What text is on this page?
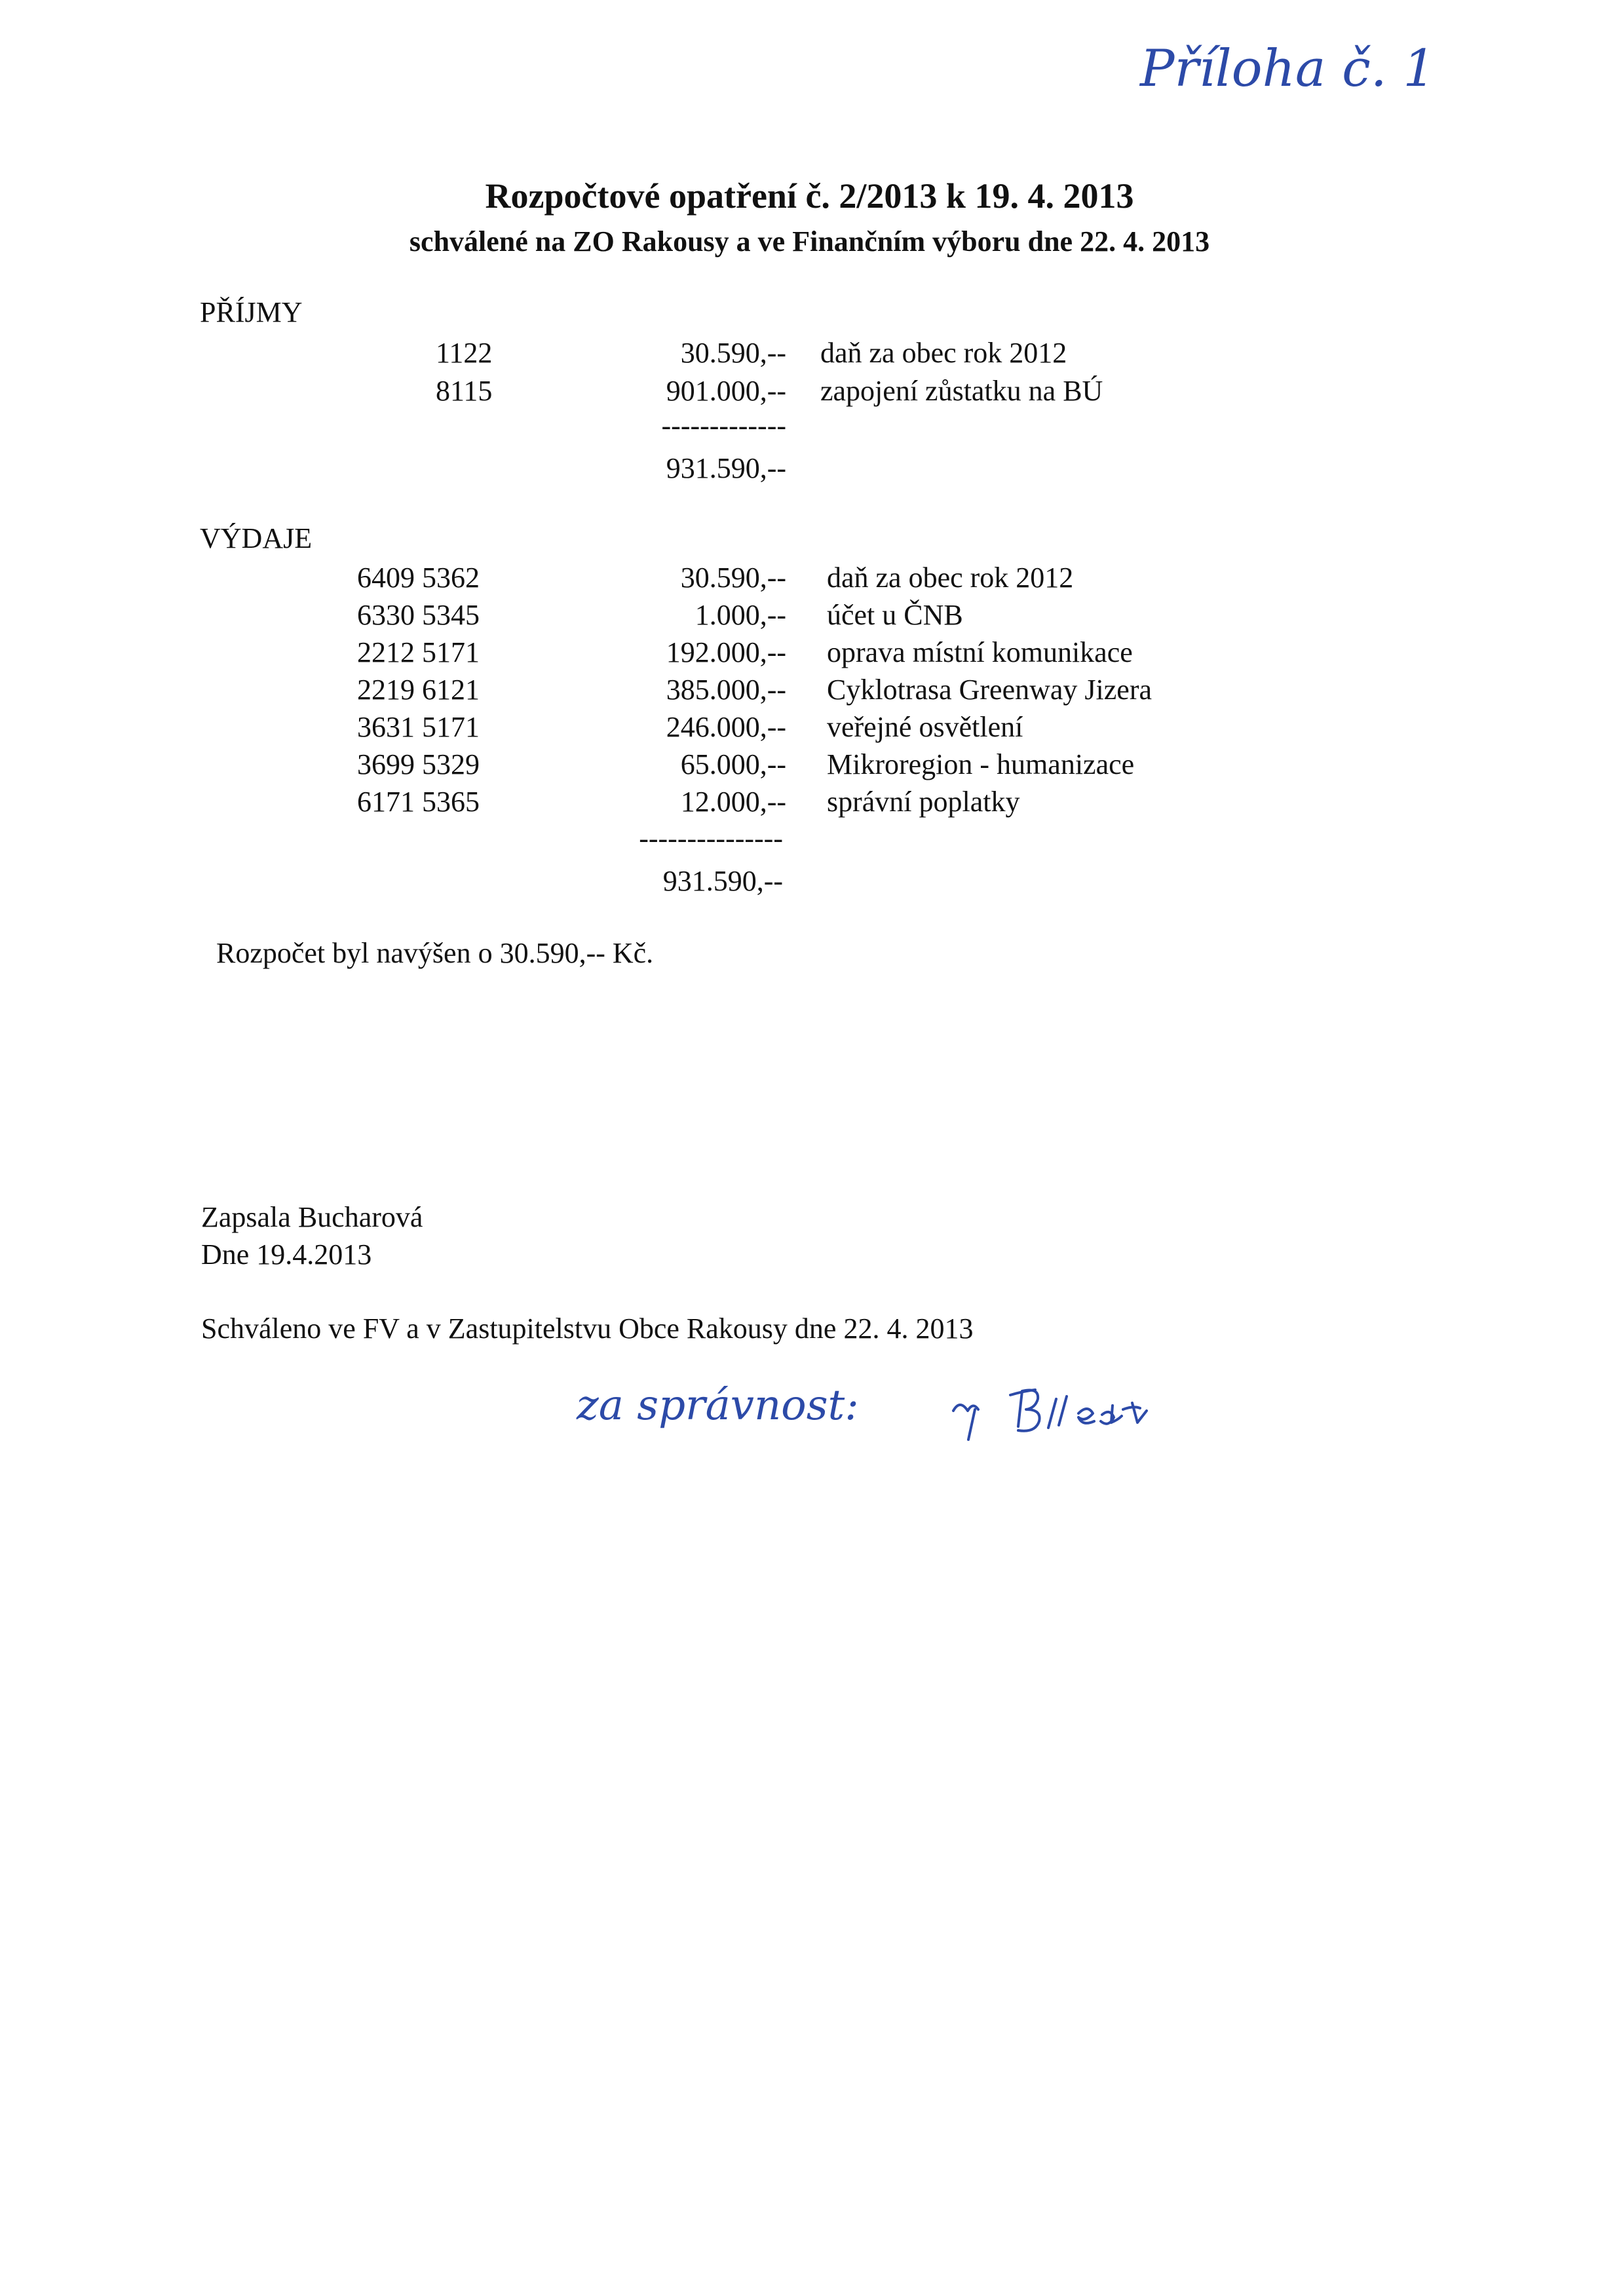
Příloha č. 1
Rozpočtové opatření č. 2/2013 k 19. 4. 2013
schválené na ZO Rakousy a ve Finančním výboru dne 22. 4. 2013
PŘÍJMY
1122	30.590,-- daň za obec rok 2012
8115	901.000,-- zapojení zůstatku na BÚ
-------------
931.590,--
VÝDAJE
6409 5362	30.590,-- daň za obec rok 2012
6330 5345	1.000,-- účet u ČNB
2212 5171	192.000,-- oprava místní komunikace
2219 6121	385.000,-- Cyklotrasa Greenway Jizera
3631 5171	246.000,-- veřejné osvětlení
3699 5329	65.000,-- Mikroregion - humanizace
6171 5365	12.000,-- správní poplatky
---------------
931.590,--
Rozpočet byl navýšen o 30.590,-- Kč.
Zapsala Bucharová
Dne 19.4.2013
Schváleno ve FV a v Zastupitelstvu Obce Rakousy dne 22. 4. 2013
za správnost:
